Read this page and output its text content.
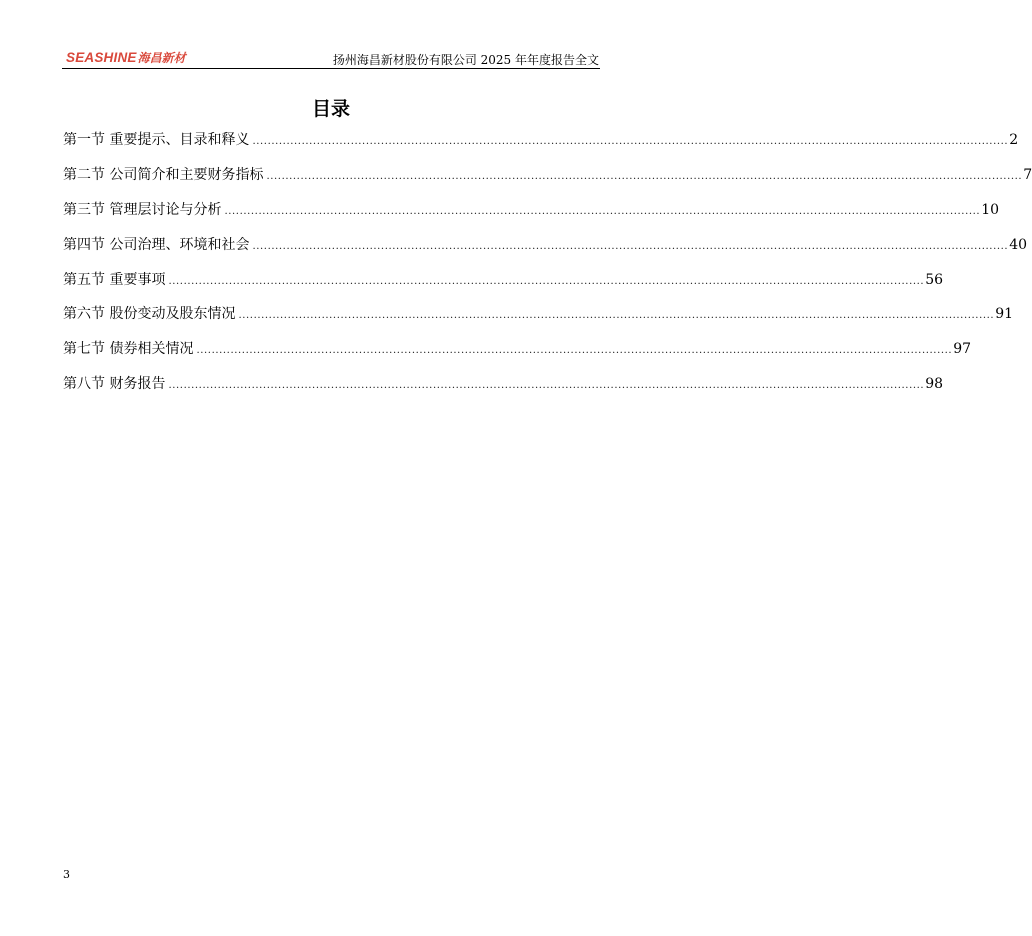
SEASHINE 海昌新材	扬州海昌新材股份有限公司 2025 年年度报告全文
目录
第一节 重要提示、目录和释义 ........................................................................................................................................................................................................ 2
第二节 公司简介和主要财务指标 ........................................................................................................................................................................................................ 7
第三节 管理层讨论与分析 ........................................................................................................................................................................................................ 10
第四节 公司治理、环境和社会 ........................................................................................................................................................................................................ 40
第五节 重要事项 ........................................................................................................................................................................................................ 56
第六节 股份变动及股东情况 ........................................................................................................................................................................................................ 91
第七节 债券相关情况 ........................................................................................................................................................................................................ 97
第八节 财务报告 ........................................................................................................................................................................................................ 98
3
